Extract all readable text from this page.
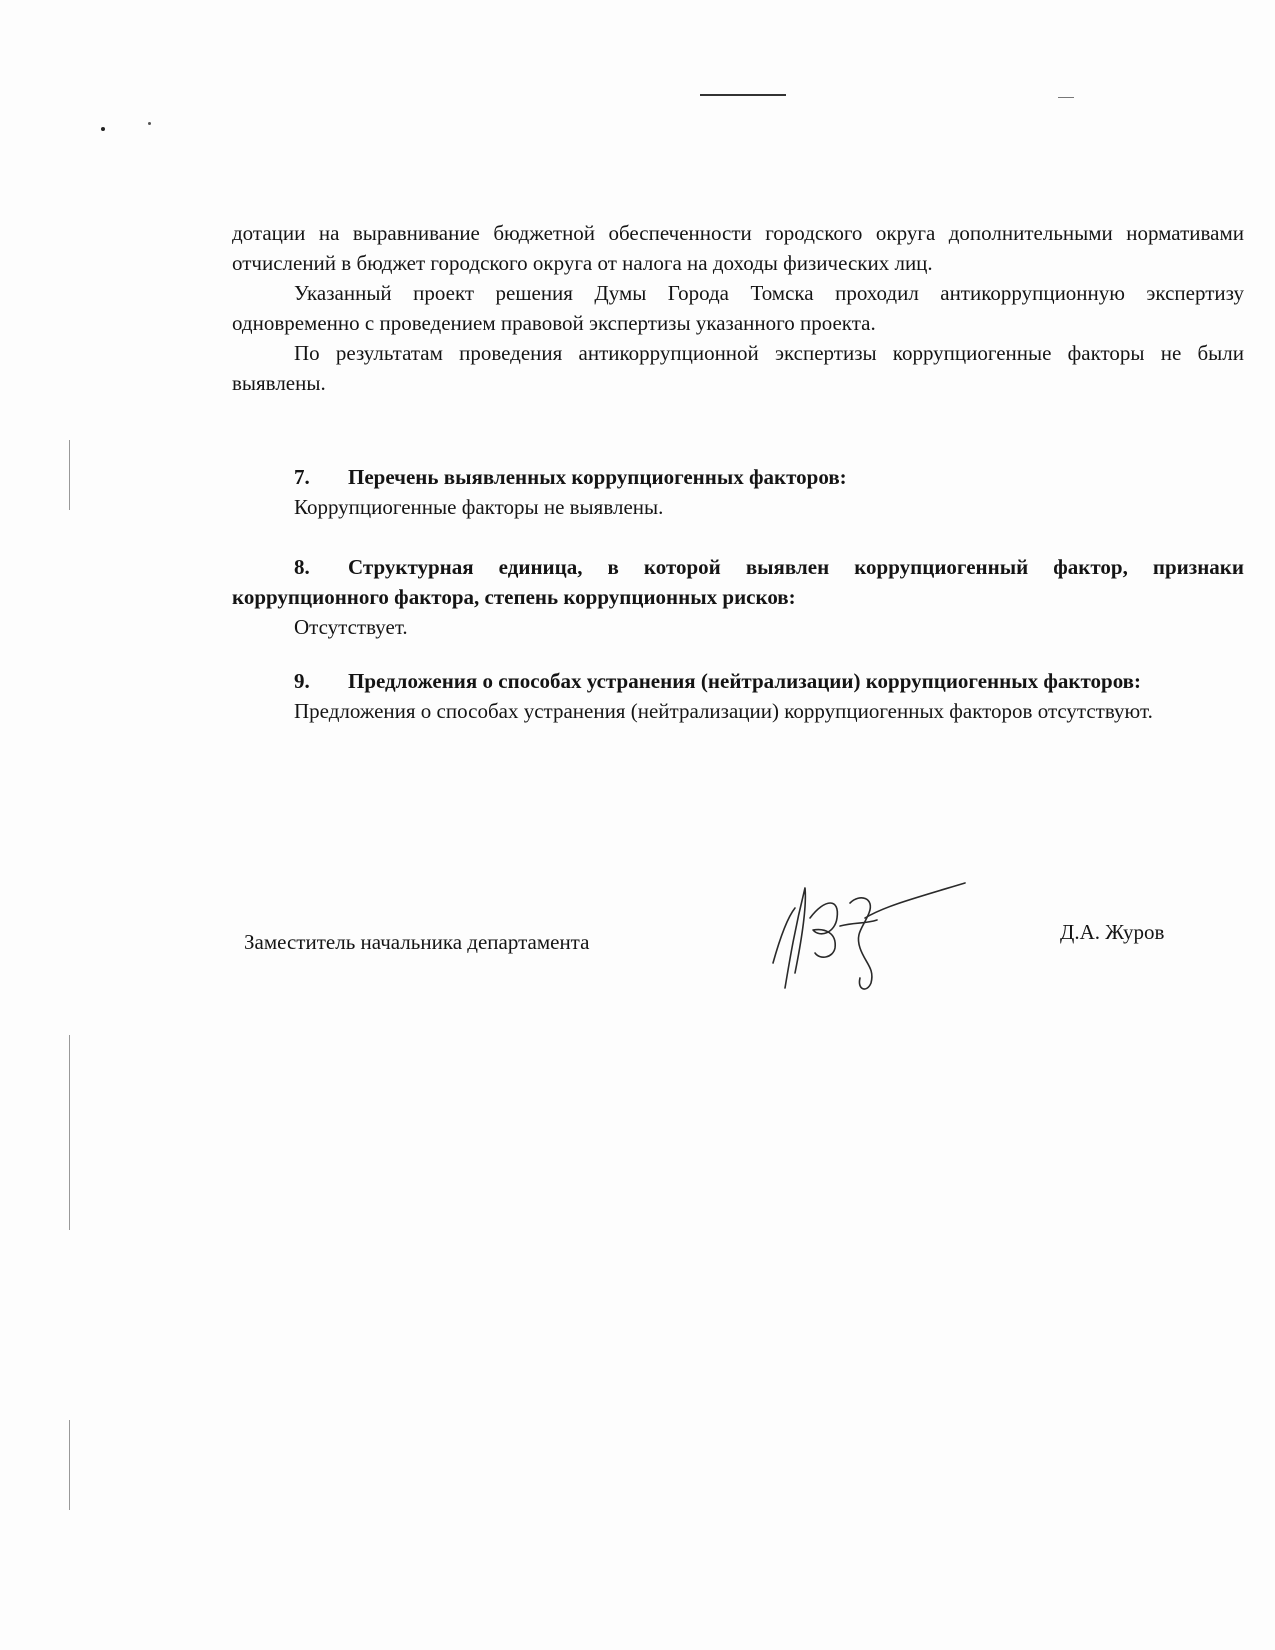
дотации на выравнивание бюджетной обеспеченности городского округа дополнительными нормативами отчислений в бюджет городского округа от налога на доходы физических лиц.

Указанный проект решения Думы Города Томска проходил антикоррупционную экспертизу одновременно с проведением правовой экспертизы указанного проекта.

По результатам проведения антикоррупционной экспертизы коррупциогенные факторы не были выявлены.

7. Перечень выявленных коррупциогенных факторов:

Коррупциогенные факторы не выявлены.

8. Структурная единица, в которой выявлен коррупциогенный фактор, признаки коррупционного фактора, степень коррупционных рисков:

Отсутствует.

9. Предложения о способах устранения (нейтрализации) коррупциогенных факторов:

Предложения о способах устранения (нейтрализации) коррупциогенных факторов отсутствуют.

Заместитель начальника департамента	Д.А. Журов
